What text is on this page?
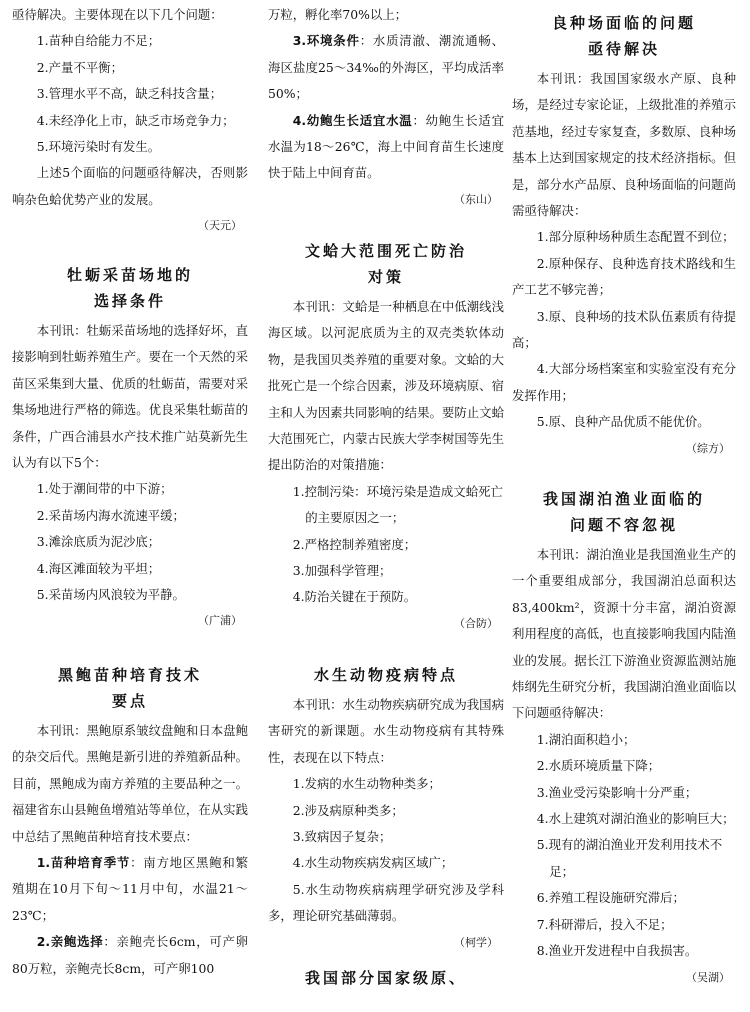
亟待解决。主要体现在以下几个问题：

1.苗种自给能力不足；

2.产量不平衡；

3.管理水平不高，缺乏科技含量；

4.未经净化上市，缺乏市场竞争力；

5.环境污染时有发生。

上述5个面临的问题亟待解决，否则影响杂色蛤优势产业的发展。

（天元）

牡蛎采苗场地的

选择条件

本刊讯：牡蛎采苗场地的选择好坏，直接影响到牡蛎养殖生产。要在一个天然的采苗区采集到大量、优质的牡蛎苗，需要对采集场地进行严格的筛选。优良采集牡蛎苗的条件，广西合浦县水产技术推广站莫新先生认为有以下5个：

1.处于潮间带的中下游；

2.采苗场内海水流速平缓；

3.滩涂底质为泥沙底；

4.海区滩面较为平坦；

5.采苗场内风浪较为平静。

（广浦）

黑鲍苗种培育技术

要点

本刊讯：黑鲍原系皱纹盘鲍和日本盘鲍的杂交后代。黑鲍是新引进的养殖新品种。目前，黑鲍成为南方养殖的主要品种之一。福建省东山县鲍鱼增殖站等单位，在从实践中总结了黑鲍苗种培育技术要点：

1.苗种培育季节：南方地区黑鲍和繁殖期在10月下旬～11月中旬，水温21～23℃；

2.亲鲍选择：亲鲍壳长6cm，可产卵80万粒，亲鲍壳长8cm，可产卵100

万粒，孵化率70%以上；

3.环境条件：水质清澈、潮流通畅、海区盐度25～34‰的外海区，平均成活率50%；

4.幼鲍生长适宜水温：幼鲍生长适宜水温为18～26℃，海上中间育苗生长速度快于陆上中间育苗。

（东山）

文蛤大范围死亡防治

对策

本刊讯：文蛤是一种栖息在中低潮线浅海区域。以河泥底质为主的双壳类软体动物，是我国贝类养殖的重要对象。文蛤的大批死亡是一个综合因素，涉及环境病原、宿主和人为因素共同影响的结果。要防止文蛤大范围死亡，内蒙古民族大学李树国等先生提出防治的对策措施：

1.控制污染：环境污染是造成文蛤死亡的主要原因之一；

2.严格控制养殖密度；

3.加强科学管理；

4.防治关键在于预防。

（合防）

水生动物疫病特点

本刊讯：水生动物疾病研究成为我国病害研究的新课题。水生动物疫病有其特殊性，表现在以下特点：

1.发病的水生动物种类多；

2.涉及病原种类多；

3.致病因子复杂；

4.水生动物疾病发病区域广；

5.水生动物疾病病理学研究涉及学科多，理论研究基础薄弱。

（柯学）

我国部分国家级原、

良种场面临的问题

亟待解决

本刊讯：我国国家级水产原、良种场，是经过专家论证，上级批准的养殖示范基地，经过专家复查，多数原、良种场基本上达到国家规定的技术经济指标。但是，部分水产品原、良种场面临的问题尚需亟待解决：

1.部分原种场种质生态配置不到位；

2.原种保存、良种选育技术路线和生产工艺不够完善；

3.原、良种场的技术队伍素质有待提高；

4.大部分场档案室和实验室没有充分发挥作用；

5.原、良种产品优质不能优价。

（综方）

我国湖泊渔业面临的

问题不容忽视

本刊讯：湖泊渔业是我国渔业生产的一个重要组成部分，我国湖泊总面积达83,400km²，资源十分丰富，湖泊资源利用程度的高低，也直接影响我国内陆渔业的发展。据长江下游渔业资源监测站施炜纲先生研究分析，我国湖泊渔业面临以下问题亟待解决：

1.湖泊面积趋小；

2.水质环境质量下降；

3.渔业受污染影响十分严重；

4.水上建筑对湖泊渔业的影响巨大；

5.现有的湖泊渔业开发利用技术不足；

6.养殖工程设施研究滞后；

7.科研滞后，投入不足；

8.渔业开发进程中自我损害。

（吴湖）
